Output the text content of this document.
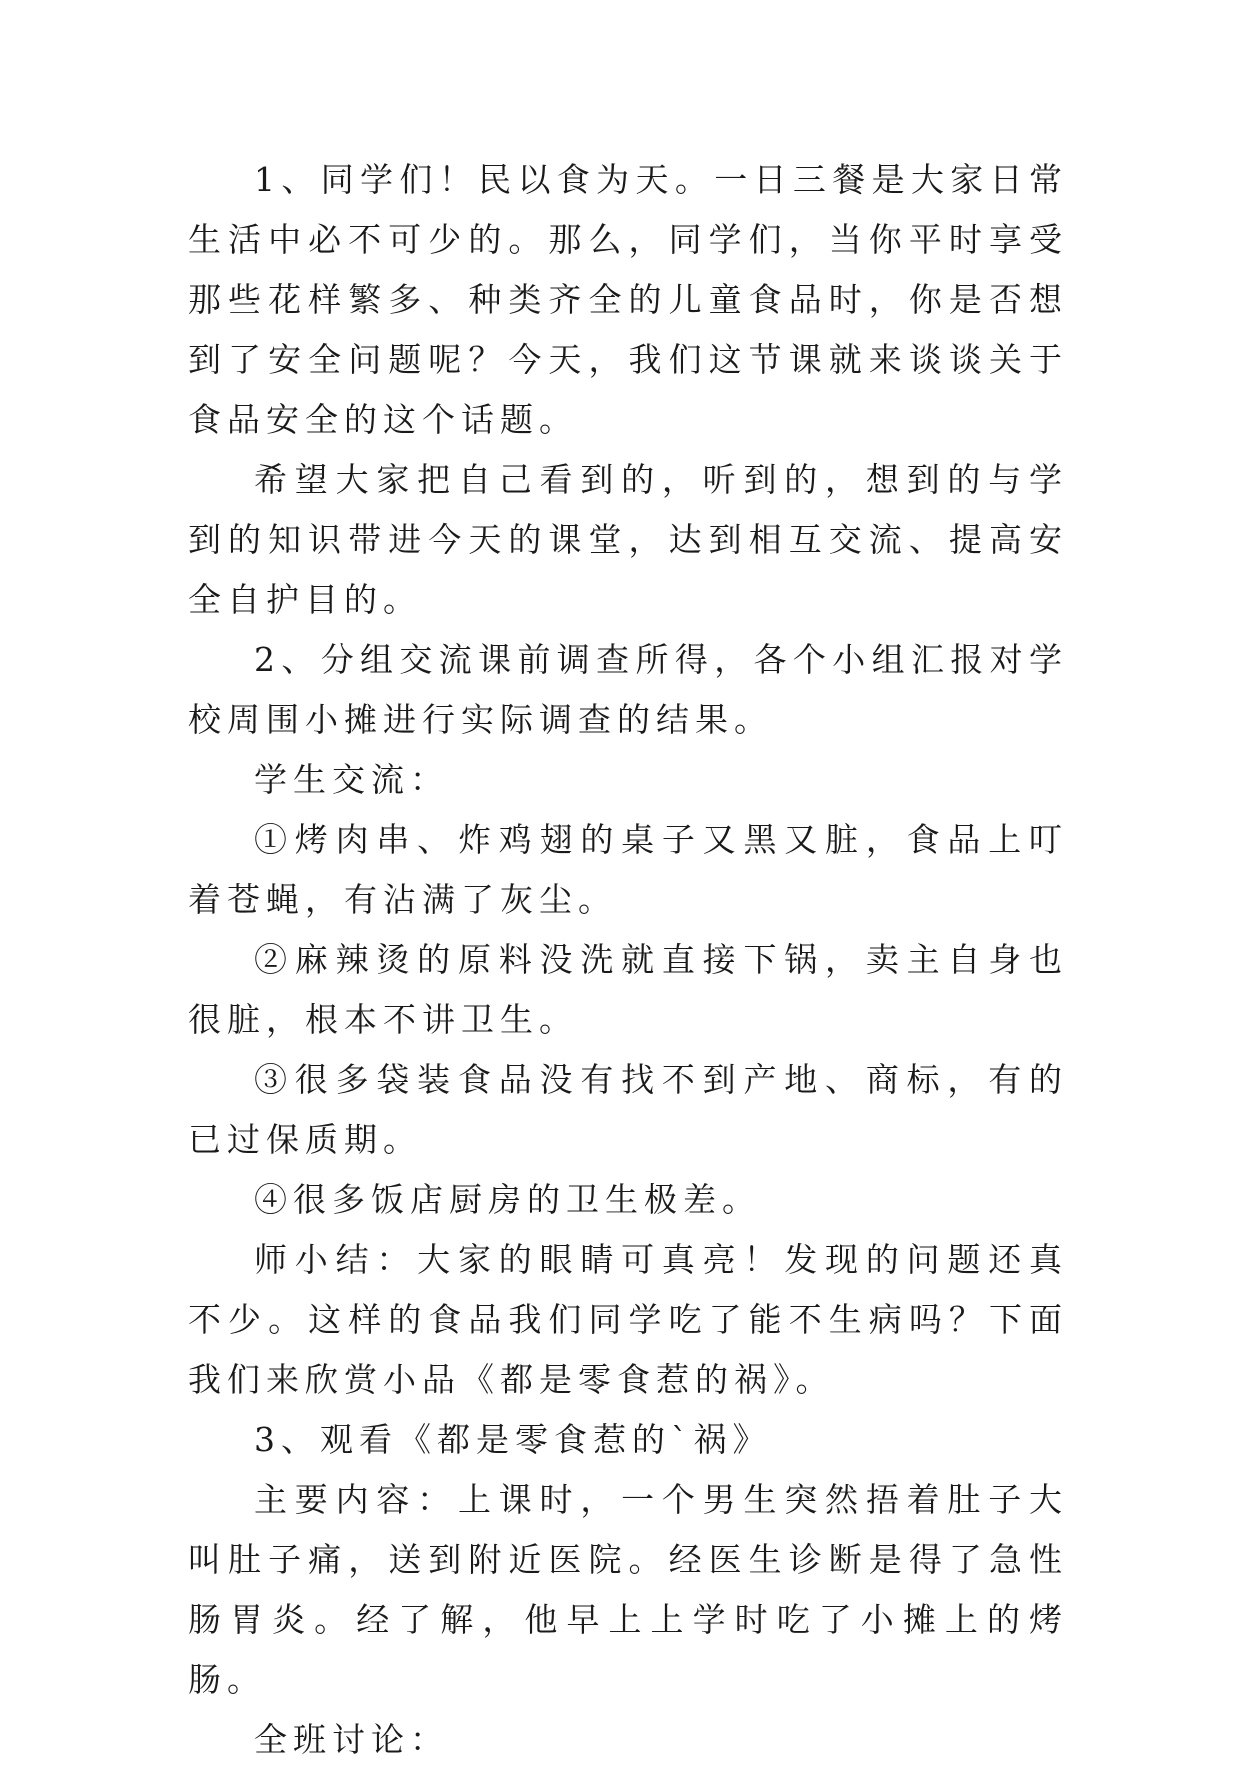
1、同学们！民以食为天。一日三餐是大家日常生活中必不可少的。那么，同学们，当你平时享受那些花样繁多、种类齐全的儿童食品时，你是否想到了安全问题呢？今天，我们这节课就来谈谈关于食品安全的这个话题。

希望大家把自己看到的，听到的，想到的与学到的知识带进今天的课堂，达到相互交流、提高安全自护目的。

2、分组交流课前调查所得，各个小组汇报对学校周围小摊进行实际调查的结果。

学生交流：

①烤肉串、炸鸡翅的桌子又黑又脏，食品上叮着苍蝇，有沾满了灰尘。

②麻辣烫的原料没洗就直接下锅，卖主自身也很脏，根本不讲卫生。

③很多袋装食品没有找不到产地、商标，有的已过保质期。

④很多饭店厨房的卫生极差。

师小结：大家的眼睛可真亮！发现的问题还真不少。这样的食品我们同学吃了能不生病吗？下面我们来欣赏小品《都是零食惹的祸》。

3、观看《都是零食惹的`祸》

主要内容：上课时，一个男生突然捂着肚子大叫肚子痛，送到附近医院。经医生诊断是得了急性肠胃炎。经了解，他早上上学时吃了小摊上的烤肠。

全班讨论：
